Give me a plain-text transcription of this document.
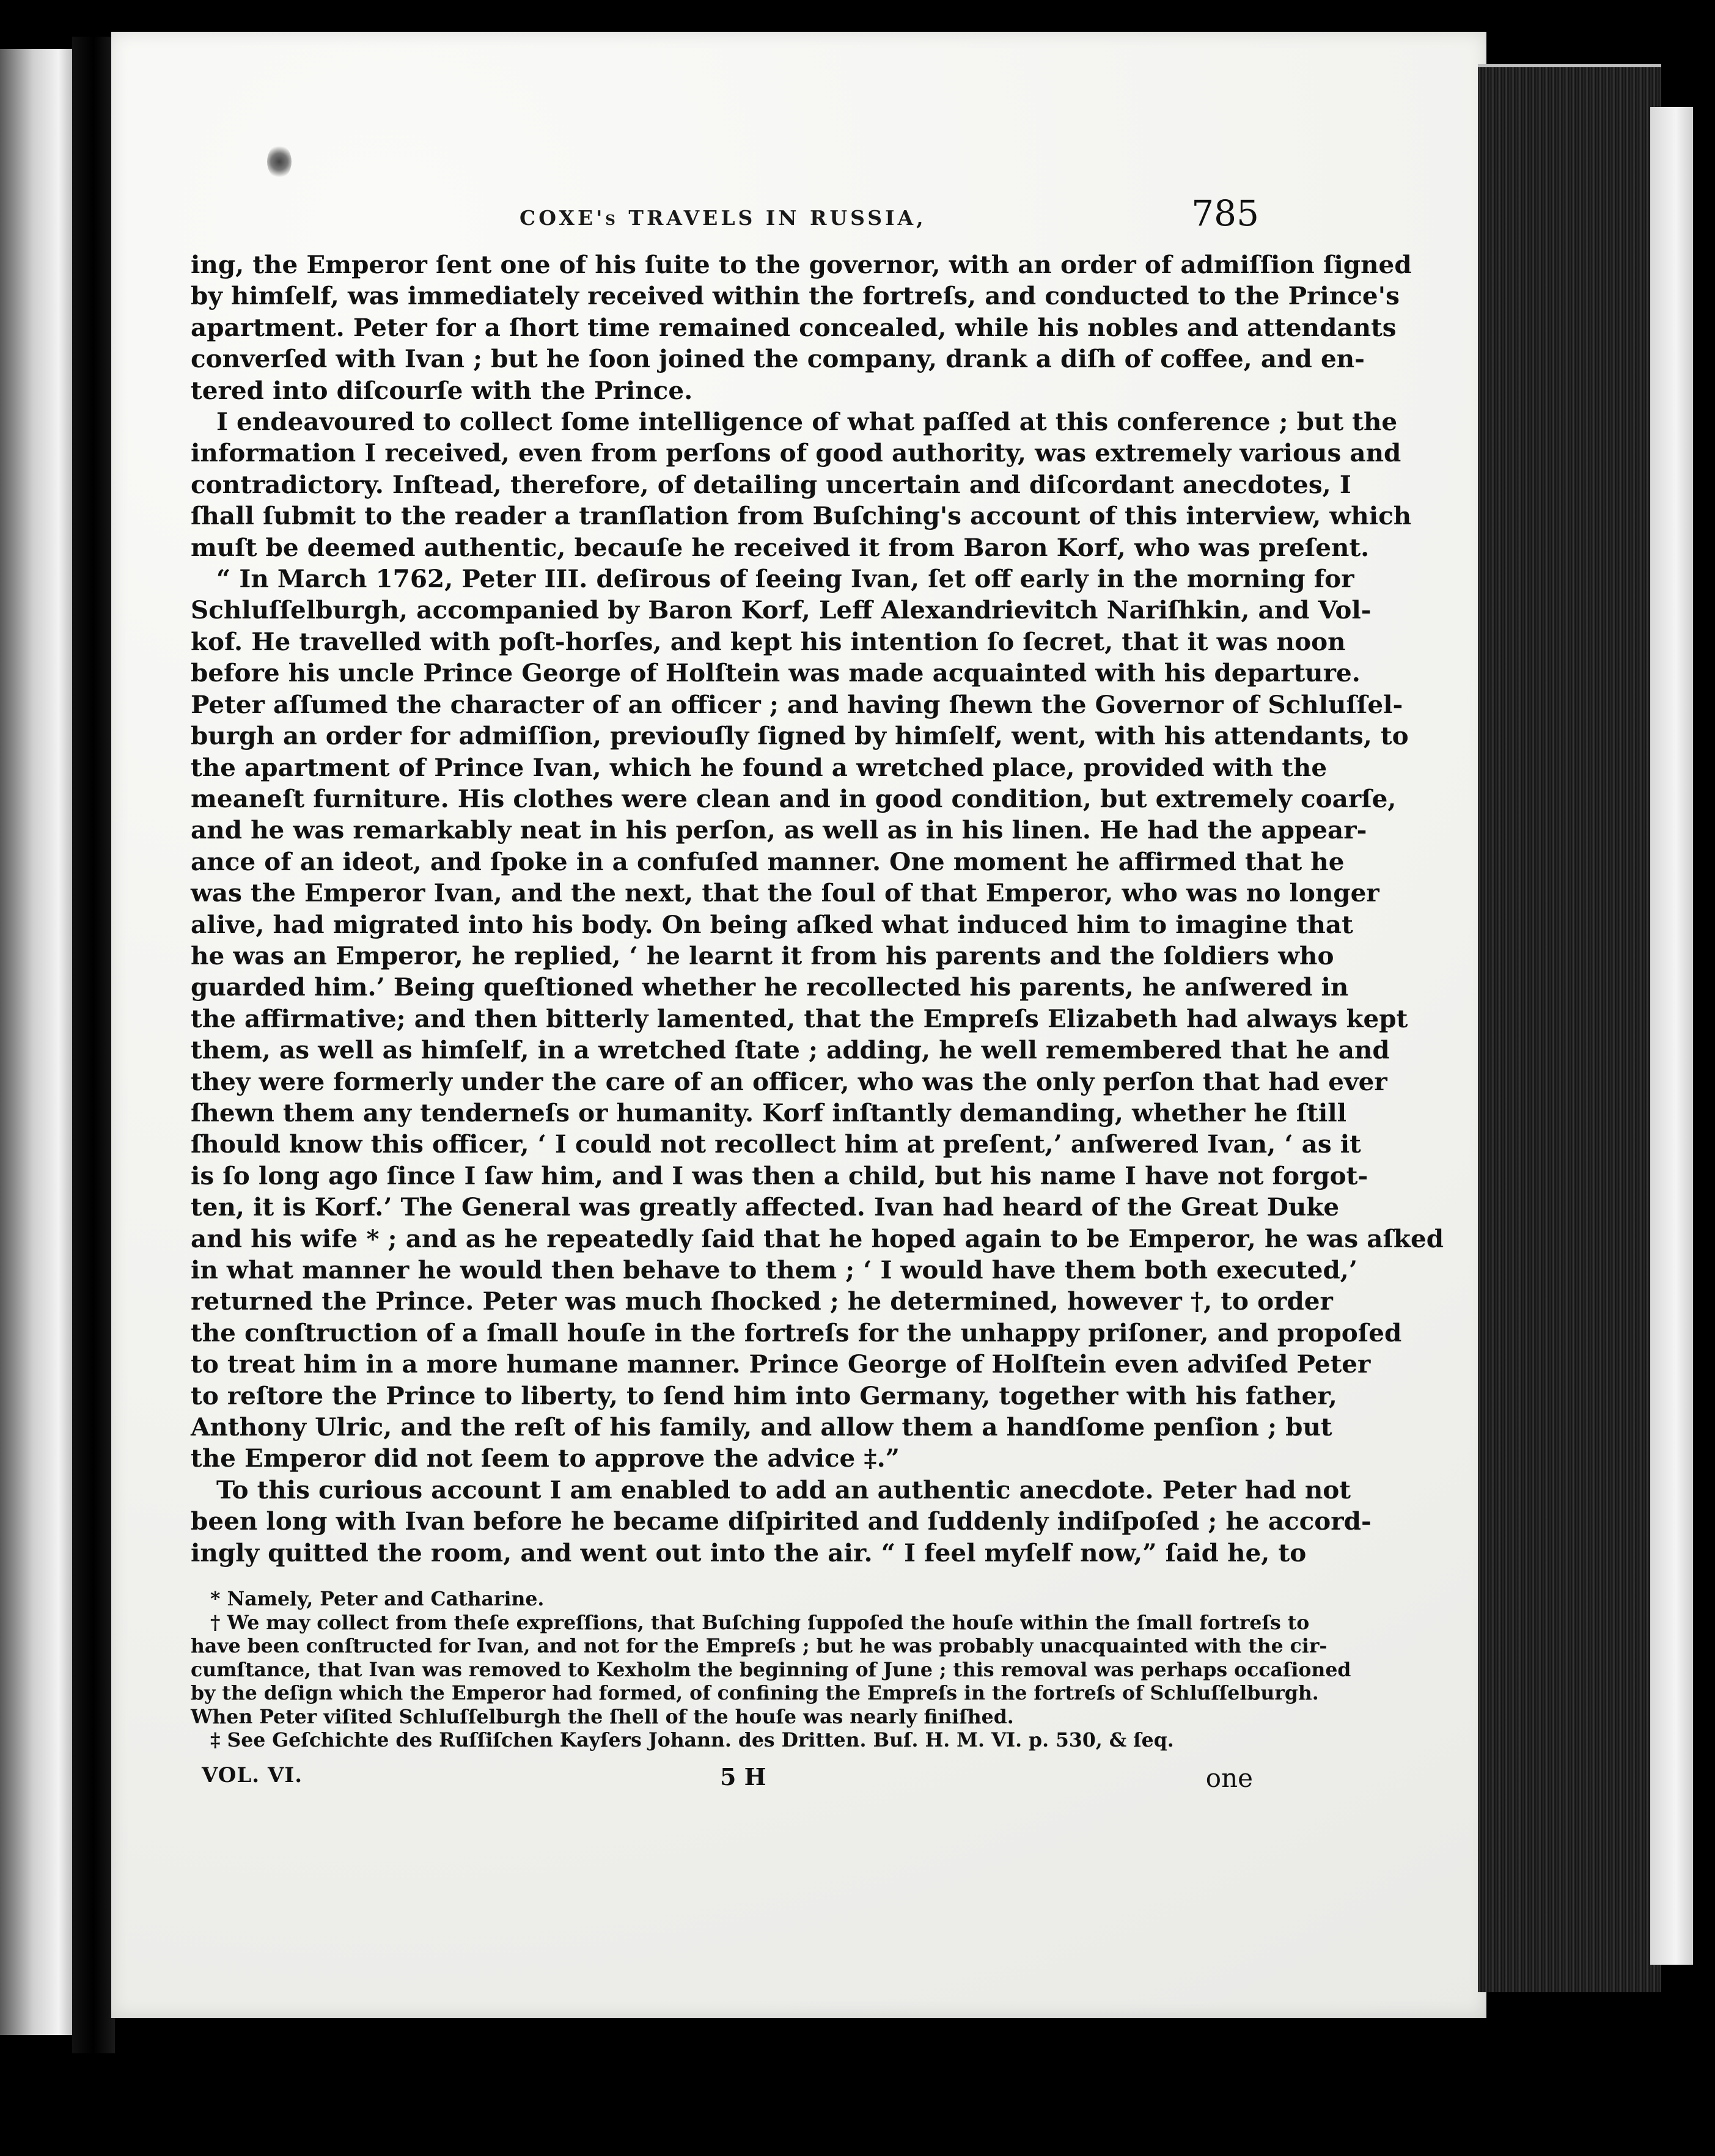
COXE's TRAVELS IN RUSSIA,	785
ing, the Emperor ſent one of his ſuite to the governor, with an order of admiſſion ſigned
by himſelf, was immediately received within the fortreſs, and conducted to the Prince's
apartment. Peter for a ſhort time remained concealed, while his nobles and attendants
converſed with Ivan ; but he ſoon joined the company, drank a diſh of coffee, and en-
tered into diſcourſe with the Prince.
I endeavoured to collect ſome intelligence of what paſſed at this conference ; but the
information I received, even from perſons of good authority, was extremely various and
contradictory. Inſtead, therefore, of detailing uncertain and diſcordant anecdotes, I
ſhall ſubmit to the reader a tranſlation from Buſching's account of this interview, which
muſt be deemed authentic, becauſe he received it from Baron Korf, who was preſent.
“ In March 1762, Peter III. deſirous of ſeeing Ivan, ſet off early in the morning for
Schluſſelburgh, accompanied by Baron Korf, Leff Alexandrievitch Nariſhkin, and Vol-
kof. He travelled with poſt-horſes, and kept his intention ſo ſecret, that it was noon
before his uncle Prince George of Holſtein was made acquainted with his departure.
Peter aſſumed the character of an officer ; and having ſhewn the Governor of Schluſſel-
burgh an order for admiſſion, previouſly ſigned by himſelf, went, with his attendants, to
the apartment of Prince Ivan, which he found a wretched place, provided with the
meaneſt furniture. His clothes were clean and in good condition, but extremely coarſe,
and he was remarkably neat in his perſon, as well as in his linen. He had the appear-
ance of an ideot, and ſpoke in a confuſed manner. One moment he affirmed that he
was the Emperor Ivan, and the next, that the ſoul of that Emperor, who was no longer
alive, had migrated into his body. On being aſked what induced him to imagine that
he was an Emperor, he replied, ‘ he learnt it from his parents and the ſoldiers who
guarded him.’ Being queſtioned whether he recollected his parents, he anſwered in
the affirmative; and then bitterly lamented, that the Empreſs Elizabeth had always kept
them, as well as himſelf, in a wretched ſtate ; adding, he well remembered that he and
they were formerly under the care of an officer, who was the only perſon that had ever
ſhewn them any tenderneſs or humanity. Korf inſtantly demanding, whether he ſtill
ſhould know this officer, ‘ I could not recollect him at preſent,’ anſwered Ivan, ‘ as it
is ſo long ago ſince I ſaw him, and I was then a child, but his name I have not forgot-
ten, it is Korf.’ The General was greatly affected. Ivan had heard of the Great Duke
and his wife * ; and as he repeatedly ſaid that he hoped again to be Emperor, he was aſked
in what manner he would then behave to them ; ‘ I would have them both executed,’
returned the Prince. Peter was much ſhocked ; he determined, however †, to order
the conſtruction of a ſmall houſe in the fortreſs for the unhappy priſoner, and propoſed
to treat him in a more humane manner. Prince George of Holſtein even adviſed Peter
to reſtore the Prince to liberty, to ſend him into Germany, together with his father,
Anthony Ulric, and the reſt of his family, and allow them a handſome penſion ; but
the Emperor did not ſeem to approve the advice ‡.”
To this curious account I am enabled to add an authentic anecdote. Peter had not
been long with Ivan before he became diſpirited and ſuddenly indiſpoſed ; he accord-
ingly quitted the room, and went out into the air. “ I feel myſelf now,” ſaid he, to
* Namely, Peter and Catharine.
† We may collect from theſe expreſſions, that Buſching ſuppoſed the houſe within the ſmall fortreſs to
have been conſtructed for Ivan, and not for the Empreſs ; but he was probably unacquainted with the cir-
cumſtance, that Ivan was removed to Kexholm the beginning of June ; this removal was perhaps occaſioned
by the deſign which the Emperor had formed, of confining the Empreſs in the fortreſs of Schluſſelburgh.
When Peter viſited Schluſſelburgh the ſhell of the houſe was nearly finiſhed.
‡ See Geſchichte des Ruſſiſchen Kayſers Johann. des Dritten. Buſ. H. M. VI. p. 530, & ſeq.
VOL. VI.	5 H	one
